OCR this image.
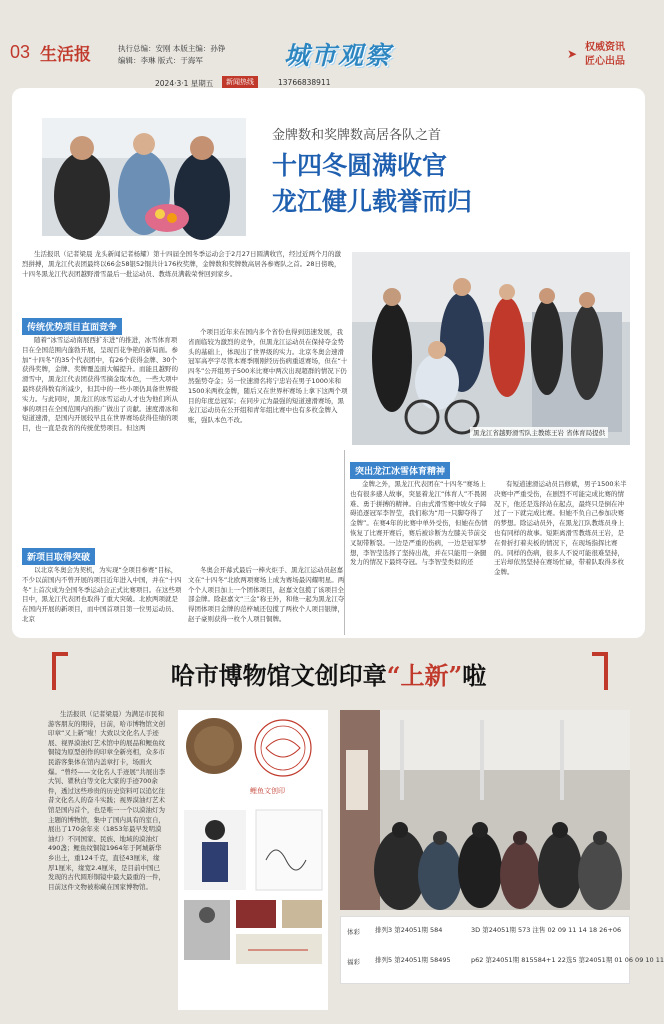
03 生活报	执行总编：安刚 本版主编：孙铮
编辑：李琳 版式：于海军	城市观察	➤ 权威资讯
匠心出品
2024·3·1 星期五	新闻热线	13766838911
金牌数和奖牌数高居各队之首
十四冬圆满收官
龙江健儿载誉而归
生活报讯（记者梁晨 龙头新闻记者杨耀）第十四届全国冬季运动会于2月27日圆满收官，经过近两个月的激烈拼搏，黑龙江代表团最终以66金58银52铜共计176枚奖牌，金牌数和奖牌数高居各参赛队之首。28日傍晚，十四冬黑龙江代表团越野滑雪最后一批运动员、教练员满载荣誉回到家乡。
黑龙江省越野滑雪队主教练王岩 省体育局提供
传统优势项目直面竞争
随着“冰雪运动南展西扩东进”的推进，冰雪体育项目在全国范围内蓬勃开展，呈现百花争艳的新局面。参加“十四冬”的35个代表团中，有26个获得金牌、30个获得奖牌，金牌、奖牌覆盖面大幅提升。而能且越野的滑雪中，黑龙江代表团获得雪摘金取本色，一些大项中最终获得数有所减少，但其中的一些小项仍具备世界级实力。与此同时，黑龙江的冰雪运动人才也为他们所从事的项目在全国范围内的推广做出了贡献。速度滑冰和短道速滑，是国内开展较早且在世界赛场获得佳绩的项目，也一直是我省的传统优势项目。但这两
个项目近年来在国内多个省份也得到迅速发展，我省面临较为激烈的竞争，但黑龙江运动员在保持夺金势头的基础上，体现出了世界级的实力。北京冬奥会速滑冠军高亭宇尽管本赛季刚刚经历伤病重返赛场，但在“十四冬”公开组男子500米比赛中两次出现超群的情况下仍然强势夺金；另一位速滑名将宁忠岩在男子1000米和1500米两枚金牌，随后又在世界杯赛场上拿下这两个项目的年度总冠军；在同步元为最强的短道速滑赛场，黑龙江运动员在公开组和青年组比赛中也有多枚金牌入账，强队本色不改。
新项目取得突破
以北京冬奥会为契机，为实现“全项目参赛”目标，不少以前国内不曾开展的项目近年进入中国，并在“十四冬”上首次成为全国冬季运动会正式比赛项目。在这些项目中，黑龙江代表团也取得了重大突破。北欧两项就是在国内开展的新项目，而中国首项目第一位男运动员、北京
冬奥会开幕式最后一棒火炬手、黑龙江运动员赵嘉文在“十四冬”北欧两项赛场上成为赛场最闪耀明星。两个个人项目加上一个团体项目，赵嘉文包揽了该项目全部金牌。除赵嘉文“三金”称王外，和他一起为黑龙江夺得团体项目金牌的范梓城还包揽了两枚个人项目银牌，赵子豪则获得一枚个人项目铜牌。
突出龙江冰雪体育精神
金牌之外，黑龙江代表团在“十四冬”赛场上也有很多感人故事，突显着龙江“体育人”不畏困难、勇于拼搏的精神。自由式滑雪赛中坡女子障碍追逐冠军李智莹，我们称为“用一只脚夺得了金牌”。在赛4年的比赛中单外受伤，但她在伤情恢复了比赛开赛后，赛后被诊断为左膝关节前交叉韧带断裂。一边是严重的伤病，一边是冠军梦想，李智莹选择了坚持出战，并在只能用一条腿发力的情况下最终夺冠。与李智莹类似的还
有短道速滑运动员吕修斌，男子1500米半决赛中严重受伤，在剧烈不可能完成比赛的情况下，他还是选择站在起点，最终只是倒在冲过了一下就完成比赛。但她不负自己参加决赛的梦想。除运动员外，在黑龙江队教练员身上也有同样的故事。短距离滑雪教练员王岩，是在骨折打着夹板的情况下，在现场指挥比赛的。同样的伤病，很多人不说可能很难坚持，王岩却依然坚持在赛场忙碌，带着队取得多枚金牌。
哈市博物馆文创印章“上新”啦
生活报讯（记者梁晨）为满足市民和游客朋友的期待，日前，哈市博物馆文创印章“又上新”啦！大致以文化名人手迹展、视界漠油灯艺术馆中的展品和鲤鱼纹铜镜为原型创作的印章全新亮相，众多市民游客集体在馆内盖章打卡，场面火爆。“曾经——文化名人手迹展”共展出李大钊、瞿秋白等文化大家的手迹700余件，透过这些珍贵的历史资料可以追忆往昔文化名人的奋斗实践；视界漠油灯艺术馆是国内首个，也是唯一一个以漠油灯为主题的博物馆，集中了国内具有的室自，展出了170余年来（1853年最早发明漠油灯）不同国家、民族、地域的漠油灯490盏；鲤鱼纹铜镜1964年于阿城新华乡出土，重124千克，直径43厘米，缘厚1厘米，缘宽2.4厘米，是目前中国已发现的古代圆形铜镜中最大最重的一件，目前这件文物被称藏在国家博物馆。
鲤鱼文创印
体彩
福彩
排列3 第24051期 584	3D 第24051期 573 注售 02 09 11 14 18 26+06
排列5 第24051期 58495	p62 第24051期 815584+1 22选5 第24051期 01 06 09 10 11
